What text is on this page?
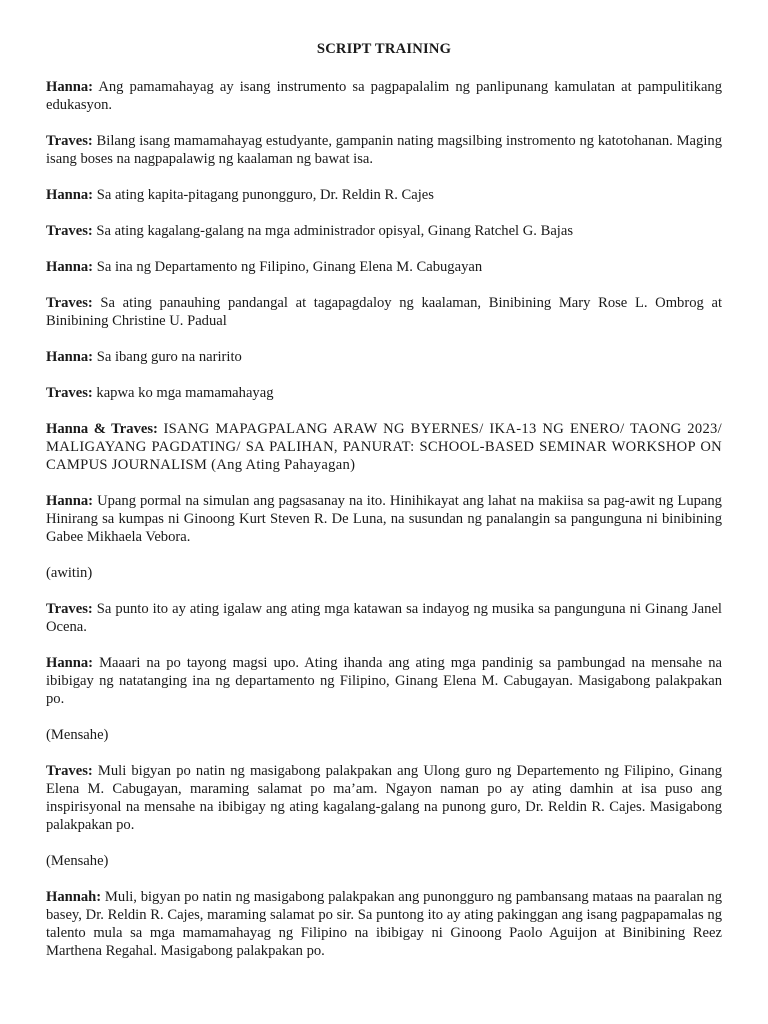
SCRIPT TRAINING

Hanna: Ang pamamahayag ay isang instrumento sa pagpapalalim ng panlipunang kamulatan at pampulitikang edukasyon.

Traves: Bilang isang mamamahayag estudyante, gampanin nating magsilbing instromento ng katotohanan. Maging isang boses na nagpapalawig ng kaalaman ng bawat isa.

Hanna: Sa ating kapita-pitagang punongguro, Dr. Reldin R. Cajes

Traves: Sa ating kagalang-galang na mga administrador opisyal, Ginang Ratchel G. Bajas

Hanna: Sa ina ng Departamento ng Filipino, Ginang Elena M. Cabugayan

Traves: Sa ating panauhing pandangal at tagapagdaloy ng kaalaman, Binibining Mary Rose L. Ombrog at Binibining Christine U. Padual

Hanna: Sa ibang guro na naririto

Traves: kapwa ko mga mamamahayag

Hanna & Traves: ISANG MAPAGPALANG ARAW NG BYERNES/ IKA-13 NG ENERO/ TAONG 2023/ MALIGAYANG PAGDATING/ SA PALIHAN, PANURAT: SCHOOL-BASED SEMINAR WORKSHOP ON CAMPUS JOURNALISM (Ang Ating Pahayagan)

Hanna: Upang pormal na simulan ang pagsasanay na ito. Hinihikayat ang lahat na makiisa sa pag-awit ng Lupang Hinirang sa kumpas ni Ginoong Kurt Steven R. De Luna, na susundan ng panalangin sa pangunguna ni binibining Gabee Mikhaela Vebora.

(awitin)

Traves: Sa punto ito ay ating igalaw ang ating mga katawan sa indayog ng musika sa pangunguna ni Ginang Janel Ocena.

Hanna: Maaari na po tayong magsi upo. Ating ihanda ang ating mga pandinig sa pambungad na mensahe na ibibigay ng natatanging ina ng departamento ng Filipino, Ginang Elena M. Cabugayan. Masigabong palakpakan po.

(Mensahe)

Traves: Muli bigyan po natin ng masigabong palakpakan ang Ulong guro ng Departemento ng Filipino, Ginang Elena M. Cabugayan, maraming salamat po ma’am. Ngayon naman po ay ating damhin at isa puso ang inspirisyonal na mensahe na ibibigay ng ating kagalang-galang na punong guro, Dr. Reldin R. Cajes. Masigabong palakpakan po.

(Mensahe)

Hannah: Muli, bigyan po natin ng masigabong palakpakan ang punongguro ng pambansang mataas na paaralan ng basey, Dr. Reldin R. Cajes, maraming salamat po sir. Sa puntong ito ay ating pakinggan ang isang pagpapamalas ng talento mula sa mga mamamahayag ng Filipino na ibibigay ni Ginoong Paolo Aguijon at Binibining Reez Marthena Regahal. Masigabong palakpakan po.
